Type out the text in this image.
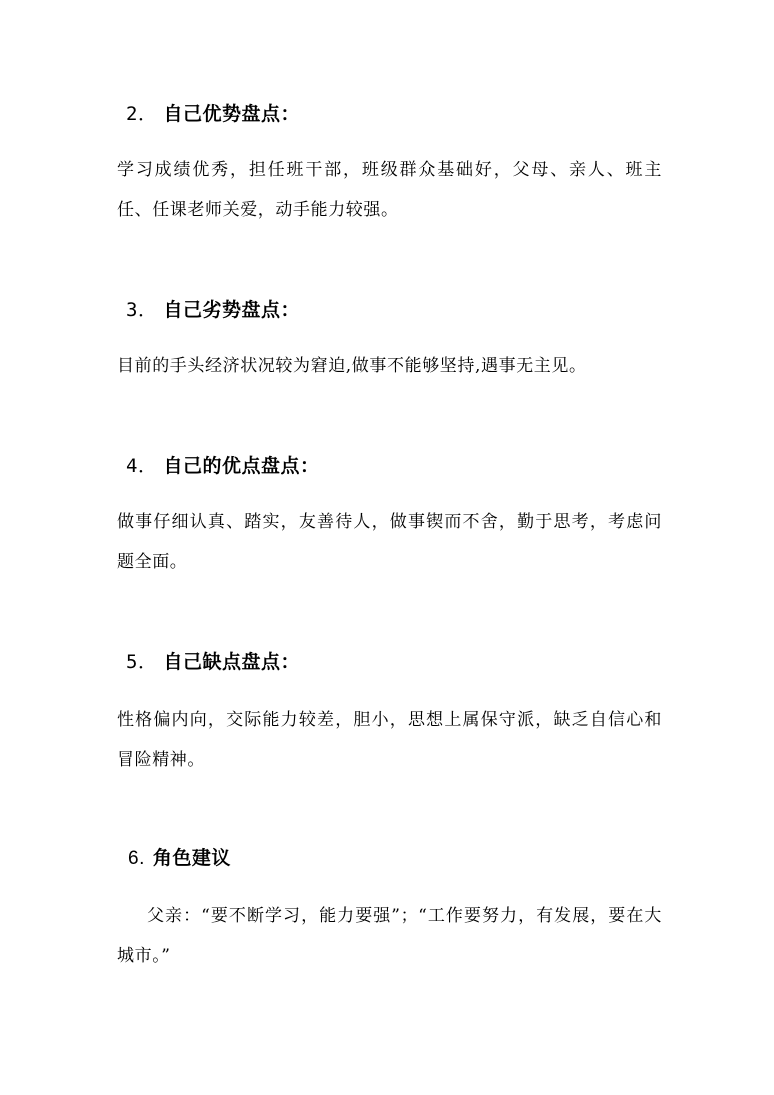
2． 自己优势盘点：
学习成绩优秀，担任班干部，班级群众基础好，父母、亲人、班主任、任课老师关爱，动手能力较强。
3． 自己劣势盘点：
目前的手头经济状况较为窘迫,做事不能够坚持,遇事无主见。
4． 自己的优点盘点：
做事仔细认真、踏实，友善待人，做事锲而不舍，勤于思考，考虑问题全面。
5． 自己缺点盘点：
性格偏内向，交际能力较差，胆小，思想上属保守派，缺乏自信心和冒险精神。
6. 角色建议
父亲：“要不断学习，能力要强”；“工作要努力，有发展，要在大城市。”
